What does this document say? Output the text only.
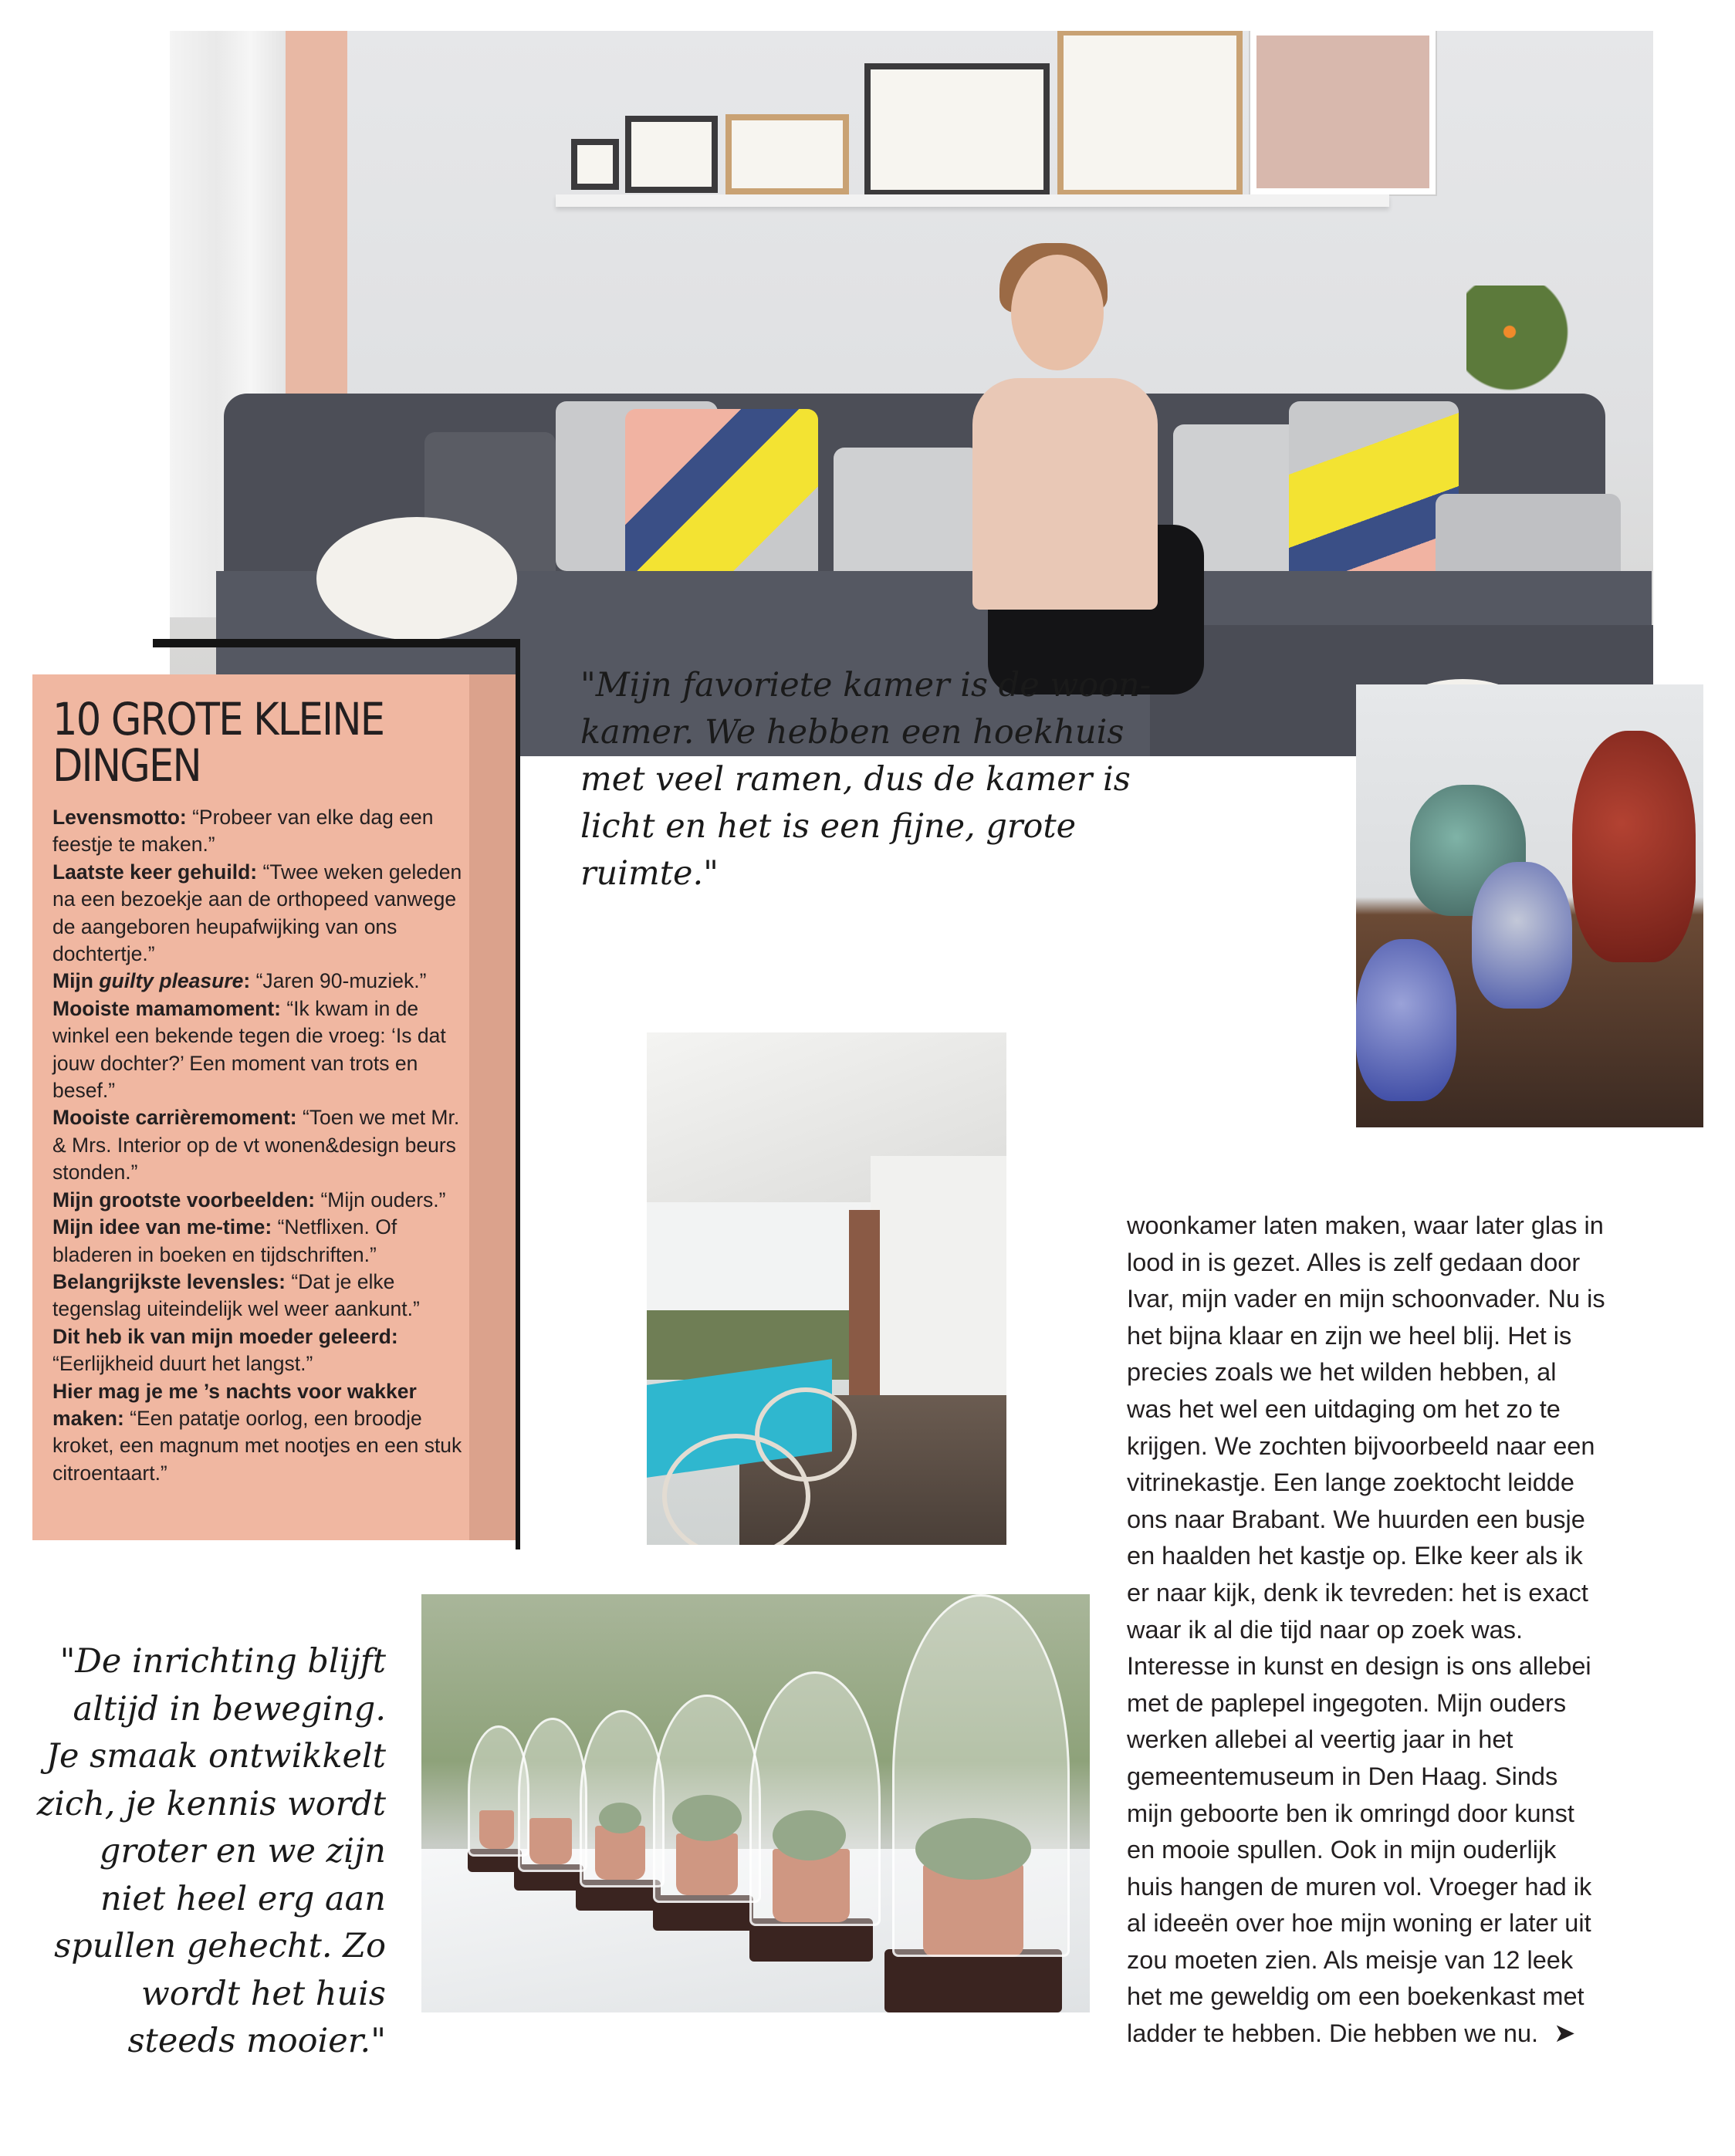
10 GROTE KLEINE DINGEN
Levensmotto: “Probeer van elke dag een feestje te maken.”
Laatste keer gehuild: “Twee weken geleden na een bezoekje aan de orthopeed vanwege de aangeboren heupafwijking van ons dochtertje.”
Mijn guilty pleasure: “Jaren 90-muziek.”
Mooiste mamamoment: “Ik kwam in de winkel een bekende tegen die vroeg: ‘Is dat jouw dochter?’ Een moment van trots en besef.”
Mooiste carrièremoment: “Toen we met Mr. & Mrs. Interior op de vt wonen&design beurs stonden.”
Mijn grootste voorbeelden: “Mijn ouders.”
Mijn idee van me-time: “Netflixen. Of bladeren in boeken en tijdschriften.”
Belangrijkste levensles: “Dat je elke tegenslag uiteindelijk wel weer aankunt.”
Dit heb ik van mijn moeder geleerd: “Eerlijkheid duurt het langst.”
Hier mag je me ’s nachts voor wakker maken: “Een patatje oorlog, een broodje kroket, een magnum met nootjes en een stuk citroentaart.”

"Mijn favoriete kamer is de woon-kamer. We hebben een hoekhuis met veel ramen, dus de kamer is licht en het is een fijne, grote ruimte."

"De inrichting blijft altijd in beweging. Je smaak ontwikkelt zich, je kennis wordt groter en we zijn niet heel erg aan spullen gehecht. Zo wordt het huis steeds mooier."

woonkamer laten maken, waar later glas in
lood in is gezet. Alles is zelf gedaan door
Ivar, mijn vader en mijn schoonvader. Nu is
het bijna klaar en zijn we heel blij. Het is
precies zoals we het wilden hebben, al
was het wel een uitdaging om het zo te
krijgen. We zochten bijvoorbeeld naar een
vitrinekastje. Een lange zoektocht leidde
ons naar Brabant. We huurden een busje
en haalden het kastje op. Elke keer als ik
er naar kijk, denk ik tevreden: het is exact
waar ik al die tijd naar op zoek was.
Interesse in kunst en design is ons allebei
met de paplepel ingegoten. Mijn ouders
werken allebei al veertig jaar in het
gemeentemuseum in Den Haag. Sinds
mijn geboorte ben ik omringd door kunst
en mooie spullen. Ook in mijn ouderlijk
huis hangen de muren vol. Vroeger had ik
al ideeën over hoe mijn woning er later uit
zou moeten zien. Als meisje van 12 leek
het me geweldig om een boekenkast met
ladder te hebben. Die hebben we nu. ➤
